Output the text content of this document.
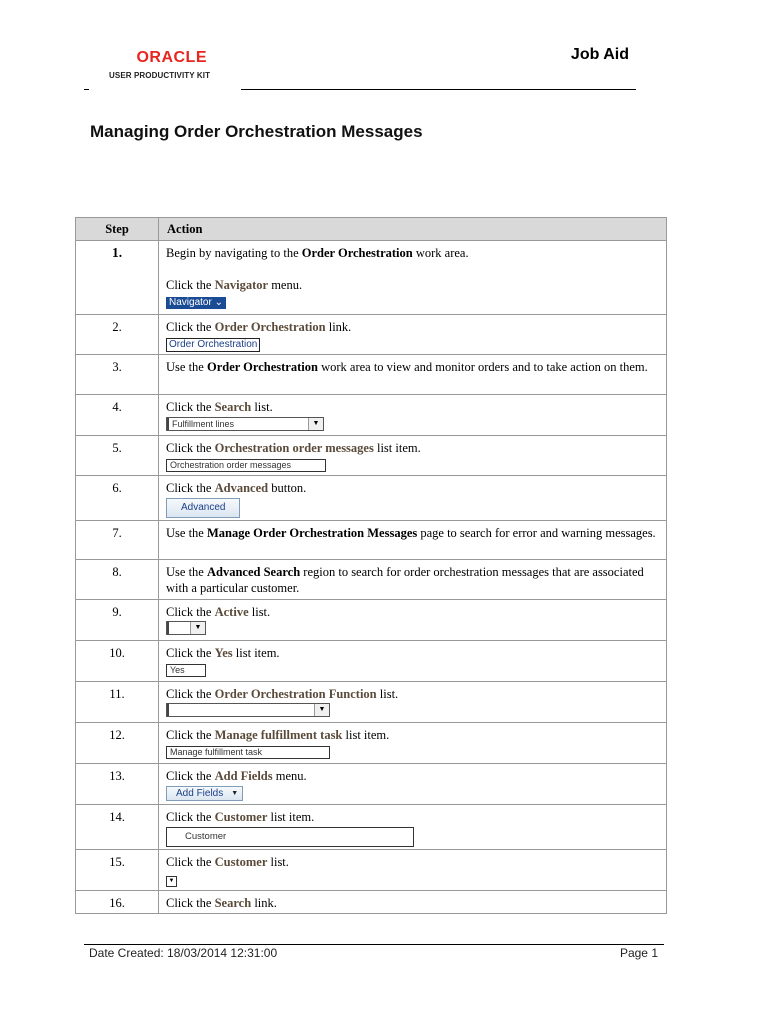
ORACLE
USER PRODUCTIVITY KIT
Job Aid
Managing Order Orchestration Messages
Step	Action
1.	Begin by navigating to the Order Orchestration work area.
Click the Navigator menu.
Navigator ⌄

2.	Click the Order Orchestration link.
Order Orchestration

3.	Use the Order Orchestration work area to view and monitor orders and to take action on them.

4.	Click the Search list.
Fulfillment lines ▼

5.	Click the Orchestration order messages list item.
Orchestration order messages

6.	Click the Advanced button.
Advanced

7.	Use the Manage Order Orchestration Messages page to search for error and warning messages.

8.	Use the Advanced Search region to search for order orchestration messages that are associated with a particular customer.

9.	Click the Active list.
▼

10.	Click the Yes list item.
Yes

11.	Click the Order Orchestration Function list.
▼

12.	Click the Manage fulfillment task list item.
Manage fulfillment task

13.	Click the Add Fields menu.
Add Fields ▼

14.	Click the Customer list item.
Customer

15.	Click the Customer list.
▼

16.	Click the Search link.
Date Created: 18/03/2014 12:31:00	Page 1
